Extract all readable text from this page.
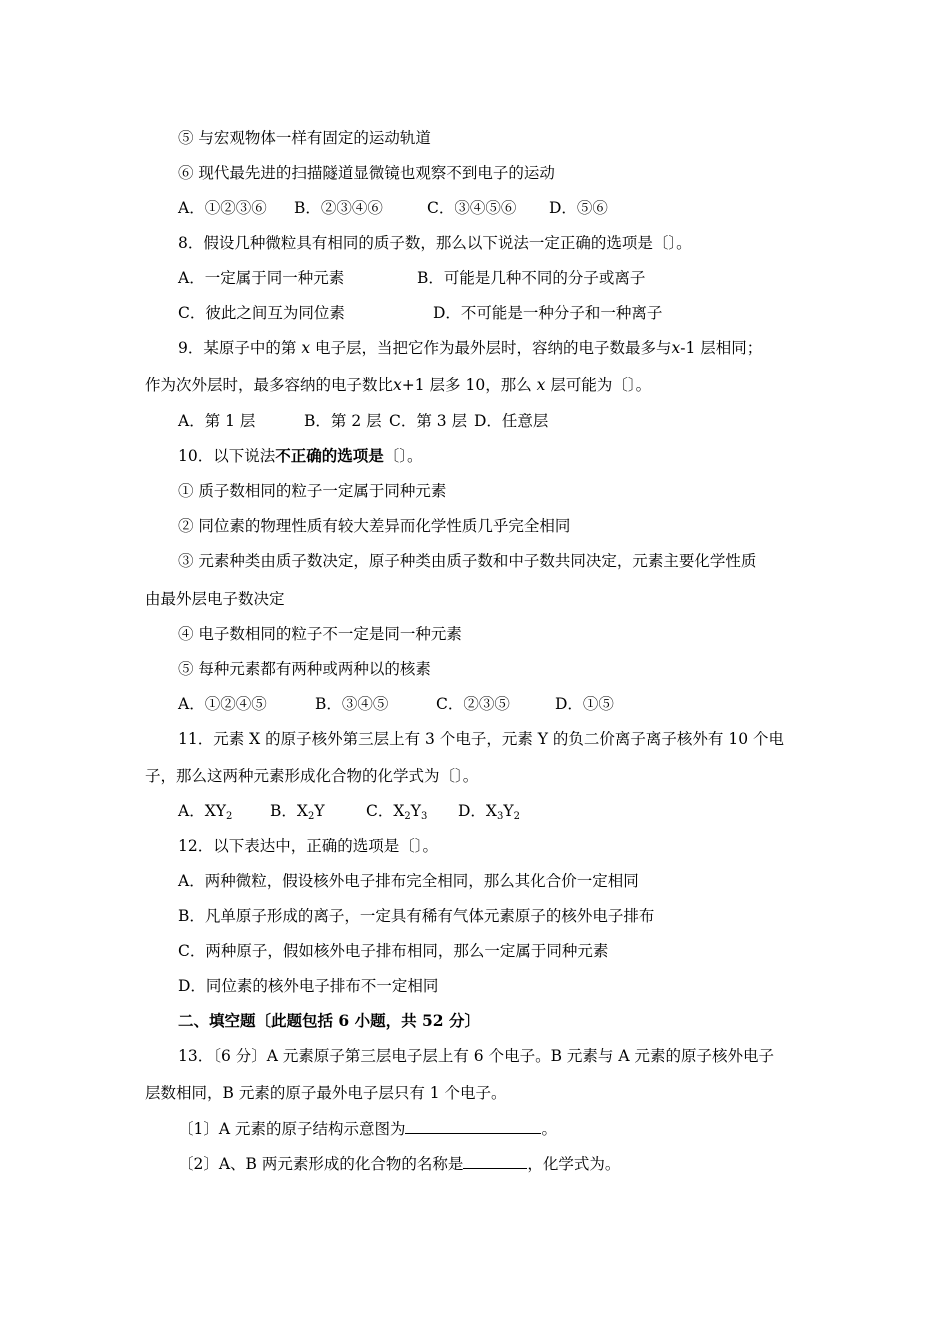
⑤ 与宏观物体一样有固定的运动轨道
⑥ 现代最先进的扫描隧道显微镜也观察不到电子的运动
A．①②③⑥ B．②③④⑥	C．③④⑤⑥ D．⑤⑥
8．假设几种微粒具有相同的质子数，那么以下说法一定正确的选项是〔〕。
A．一定属于同一种元素	B．可能是几种不同的分子或离子
C．彼此之间互为同位素	D．不可能是一种分子和一种离子
9．某原子中的第 x 电子层，当把它作为最外层时，容纳的电子数最多与x-1 层相同；
作为次外层时，最多容纳的电子数比x+1 层多 10，那么 x 层可能为〔〕。
A．第 1 层	B．第 2 层 C．第 3 层 D．任意层
10．以下说法不正确的选项是〔〕。
① 质子数相同的粒子一定属于同种元素
② 同位素的物理性质有较大差异而化学性质几乎完全相同
③ 元素种类由质子数决定，原子种类由质子数和中子数共同决定，元素主要化学性质
由最外层电子数决定
④ 电子数相同的粒子不一定是同一种元素
⑤ 每种元素都有两种或两种以的核素
A．①②④⑤	B．③④⑤	C．②③⑤	D．①⑤
11．元素 X 的原子核外第三层上有 3 个电子，元素 Y 的负二价离子离子核外有 10 个电
子，那么这两种元素形成化合物的化学式为〔〕。
A．$XY_2$ B．$X_2Y$	C．$X_2Y_3$ D．$X_3Y_2$
12．以下表达中，正确的选项是〔〕。
A．两种微粒，假设核外电子排布完全相同，那么其化合价一定相同
B．凡单原子形成的离子，一定具有稀有气体元素原子的核外电子排布
C．两种原子，假如核外电子排布相同，那么一定属于同种元素
D．同位素的核外电子排布不一定相同
二、填空题〔此题包括 6 小题，共 52 分〕
13．〔6 分〕A 元素原子第三层电子层上有 6 个电子。B 元素与 A 元素的原子核外电子
层数相同，B 元素的原子最外电子层只有 1 个电子。
〔1〕A 元素的原子结构示意图为	。
〔2〕A、B 两元素形成的化合物的名称是	，化学式为。
